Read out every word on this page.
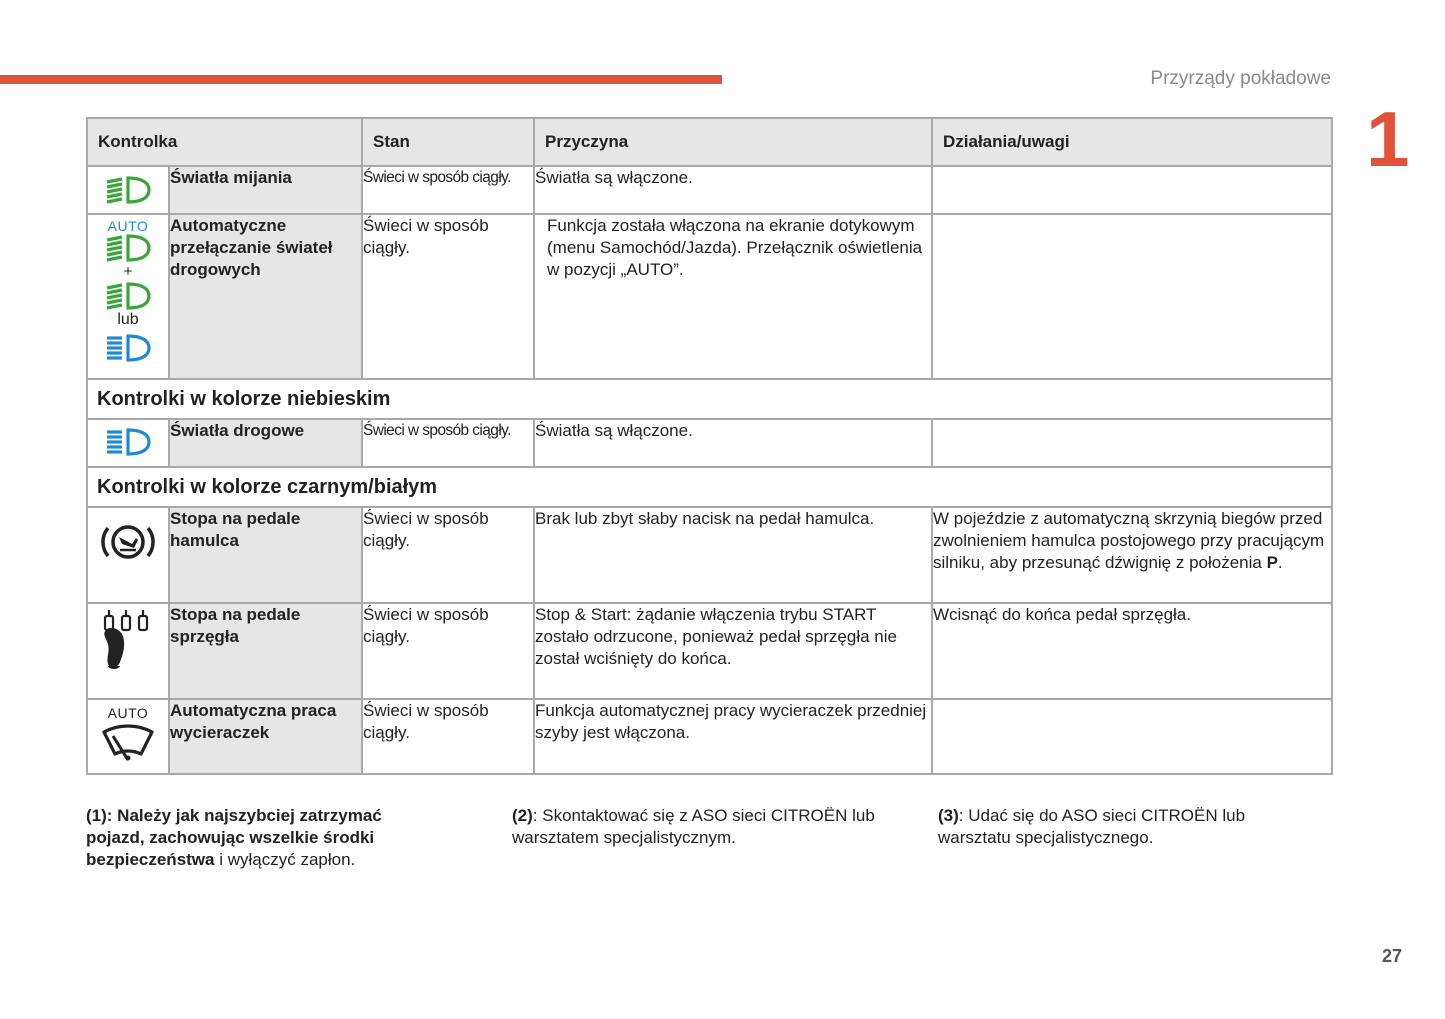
Przyrządy pokładowe
1
Kontrolka		Stan	Przyczyna	Działania/uwagi

	Światła mijania	Świeci w sposób ciągły.	Światła są włączone.	

AUTO
+
lub	Automatyczne przełączanie świateł drogowych	Świeci w sposób ciągły.	Funkcja została włączona na ekranie dotykowym (menu Samochód/Jazda). Przełącznik oświetlenia w pozycji „AUTO”.	
Kontrolki w kolorze niebieskim				

	Światła drogowe	Świeci w sposób ciągły.	Światła są włączone.	
Kontrolki w kolorze czarnym/białym				

	Stopa na pedale hamulca	Świeci w sposób ciągły.	Brak lub zbyt słaby nacisk na pedał hamulca.	W pojeździe z automatyczną skrzynią biegów przed zwolnieniem hamulca postojowego przy pracującym silniku, aby przesunąć dźwignię z położenia P.

	Stopa na pedale sprzęgła	Świeci w sposób ciągły.	Stop & Start: żądanie włączenia trybu START zostało odrzucone, ponieważ pedał sprzęgła nie został wciśnięty do końca.	Wcisnąć do końca pedał sprzęgła.

AUTO	Automatyczna praca wycieraczek	Świeci w sposób ciągły.	Funkcja automatycznej pracy wycieraczek przedniej szyby jest włączona.	
(1): Należy jak najszybciej zatrzymać pojazd, zachowując wszelkie środki bezpieczeństwa i wyłączyć zapłon.
(2): Skontaktować się z ASO sieci CITROËN lub warsztatem specjalistycznym.
(3): Udać się do ASO sieci CITROËN lub warsztatu specjalistycznego.
27
